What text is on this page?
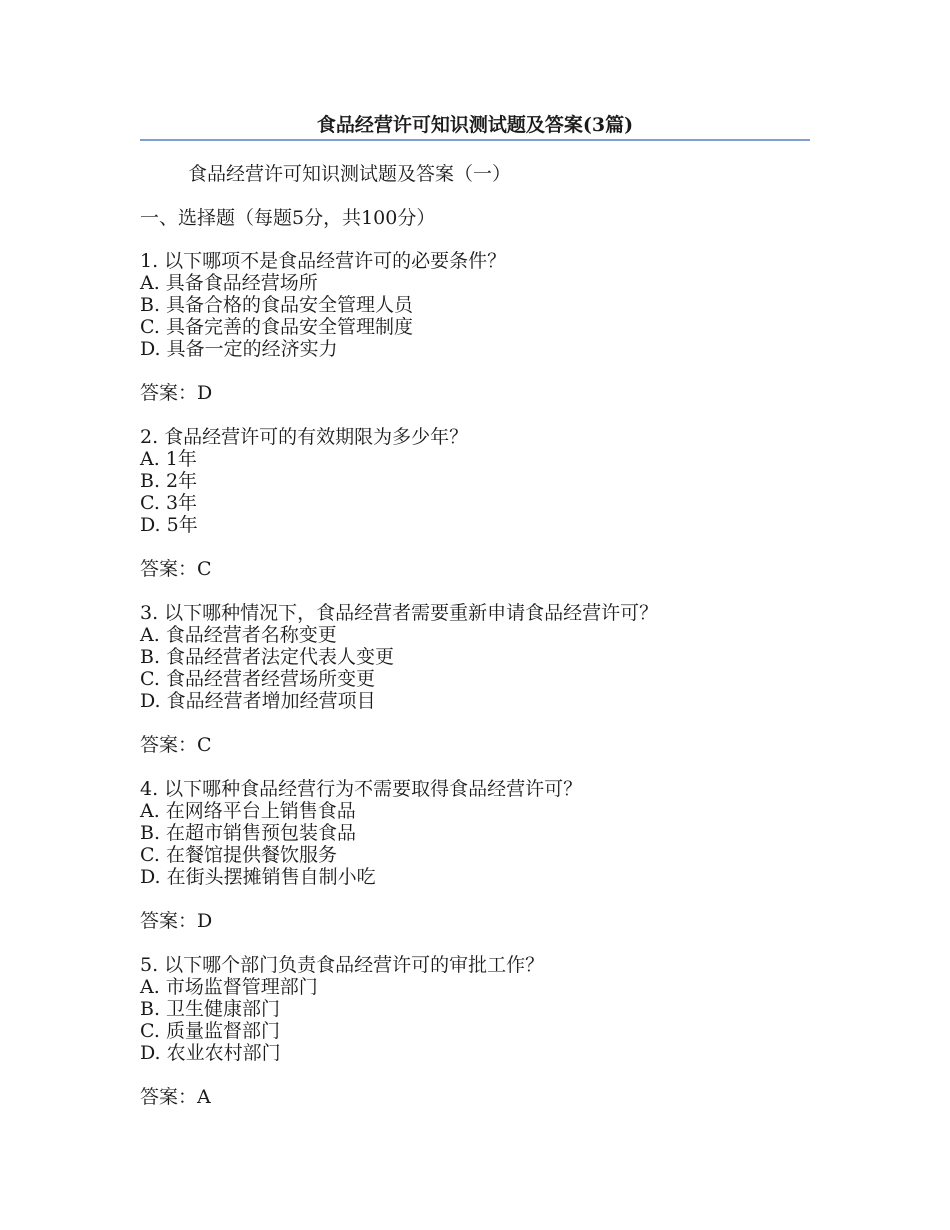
食品经营许可知识测试题及答案(3篇)

食品经营许可知识测试题及答案（一）

一、选择题（每题5分，共100分）

1. 以下哪项不是食品经营许可的必要条件？

A. 具备食品经营场所

B. 具备合格的食品安全管理人员

C. 具备完善的食品安全管理制度

D. 具备一定的经济实力

答案：D

2. 食品经营许可的有效期限为多少年？

A. 1年

B. 2年

C. 3年

D. 5年

答案：C

3. 以下哪种情况下，食品经营者需要重新申请食品经营许可？

A. 食品经营者名称变更

B. 食品经营者法定代表人变更

C. 食品经营者经营场所变更

D. 食品经营者增加经营项目

答案：C

4. 以下哪种食品经营行为不需要取得食品经营许可？

A. 在网络平台上销售食品

B. 在超市销售预包装食品

C. 在餐馆提供餐饮服务

D. 在街头摆摊销售自制小吃

答案：D

5. 以下哪个部门负责食品经营许可的审批工作？

A. 市场监督管理部门

B. 卫生健康部门

C. 质量监督部门

D. 农业农村部门

答案：A
